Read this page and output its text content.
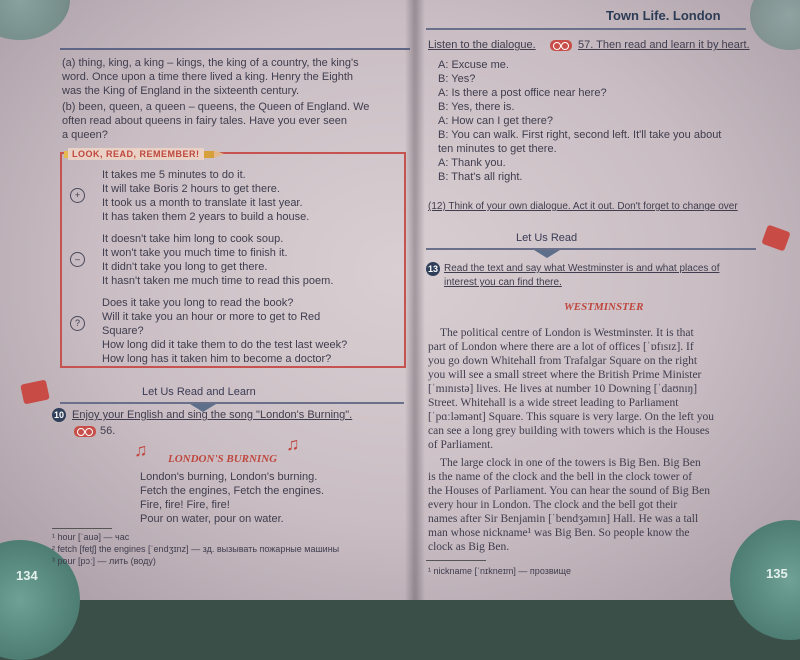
(a) thing, king, a king – kings, the king of a country, the king's
word. Once upon a time there lived a king. Henry the Eighth
was the King of England in the sixteenth century.
(b) been, queen, a queen – queens, the Queen of England. We
often read about queens in fairy tales. Have you ever seen
a queen?
LOOK, READ, REMEMBER!
+
It takes me 5 minutes to do it.
It will take Boris 2 hours to get there.
It took us a month to translate it last year.
It has taken them 2 years to build a house.
–
It doesn't take him long to cook soup.
It won't take you much time to finish it.
It didn't take you long to get there.
It hasn't taken me much time to read this poem.
?
Does it take you long to read the book?
Will it take you an hour or more to get to Red
Square?
How long did it take them to do the test last week?
How long has it taken him to become a doctor?
Let Us Read and Learn
10 Enjoy your English and sing the song "London's Burning".
56.
♫	♫
LONDON'S BURNING
London's burning, London's burning.
Fetch the engines, Fetch the engines.
Fire, fire! Fire, fire!
Pour on water, pour on water.
¹ hour [ˈauə] — час
² fetch [fetʃ] the engines [ˈendʒɪnz] — зд. вызывать пожарные машины
³ pour [pɔː] — лить (воду)
134
Town Life. London
Listen to the dialogue.	57. Then read and learn it by heart.
A: Excuse me.
B: Yes?
A: Is there a post office near here?
B: Yes, there is.
A: How can I get there?
B: You can walk. First right, second left. It'll take you about
ten minutes to get there.
A: Thank you.
B: That's all right.
(12) Think of your own dialogue. Act it out. Don't forget to change over
Let Us Read
13 Read the text and say what Westminster is and what places of
interest you can find there.
WESTMINSTER
The political centre of London is Westminster. It is that
part of London where there are a lot of offices [ˈɒfɪsɪz]. If
you go down Whitehall from Trafalgar Square on the right
you will see a small street where the British Prime Minister
[ˈmɪnɪstə] lives. He lives at number 10 Downing [ˈdaʊnɪŋ]
Street. Whitehall is a wide street leading to Parliament
[ˈpɑːləmənt] Square. This square is very large. On the left you
can see a long grey building with towers which is the Houses
of Parliament.
The large clock in one of the towers is Big Ben. Big Ben
is the name of the clock and the bell in the clock tower of
the Houses of Parliament. You can hear the sound of Big Ben
every hour in London. The clock and the bell got their
names after Sir Benjamin [ˈbendʒəmɪn] Hall. He was a tall
man whose nickname¹ was Big Ben. So people know the
clock as Big Ben.
¹ nickname [ˈnɪkneɪm] — прозвище	135
